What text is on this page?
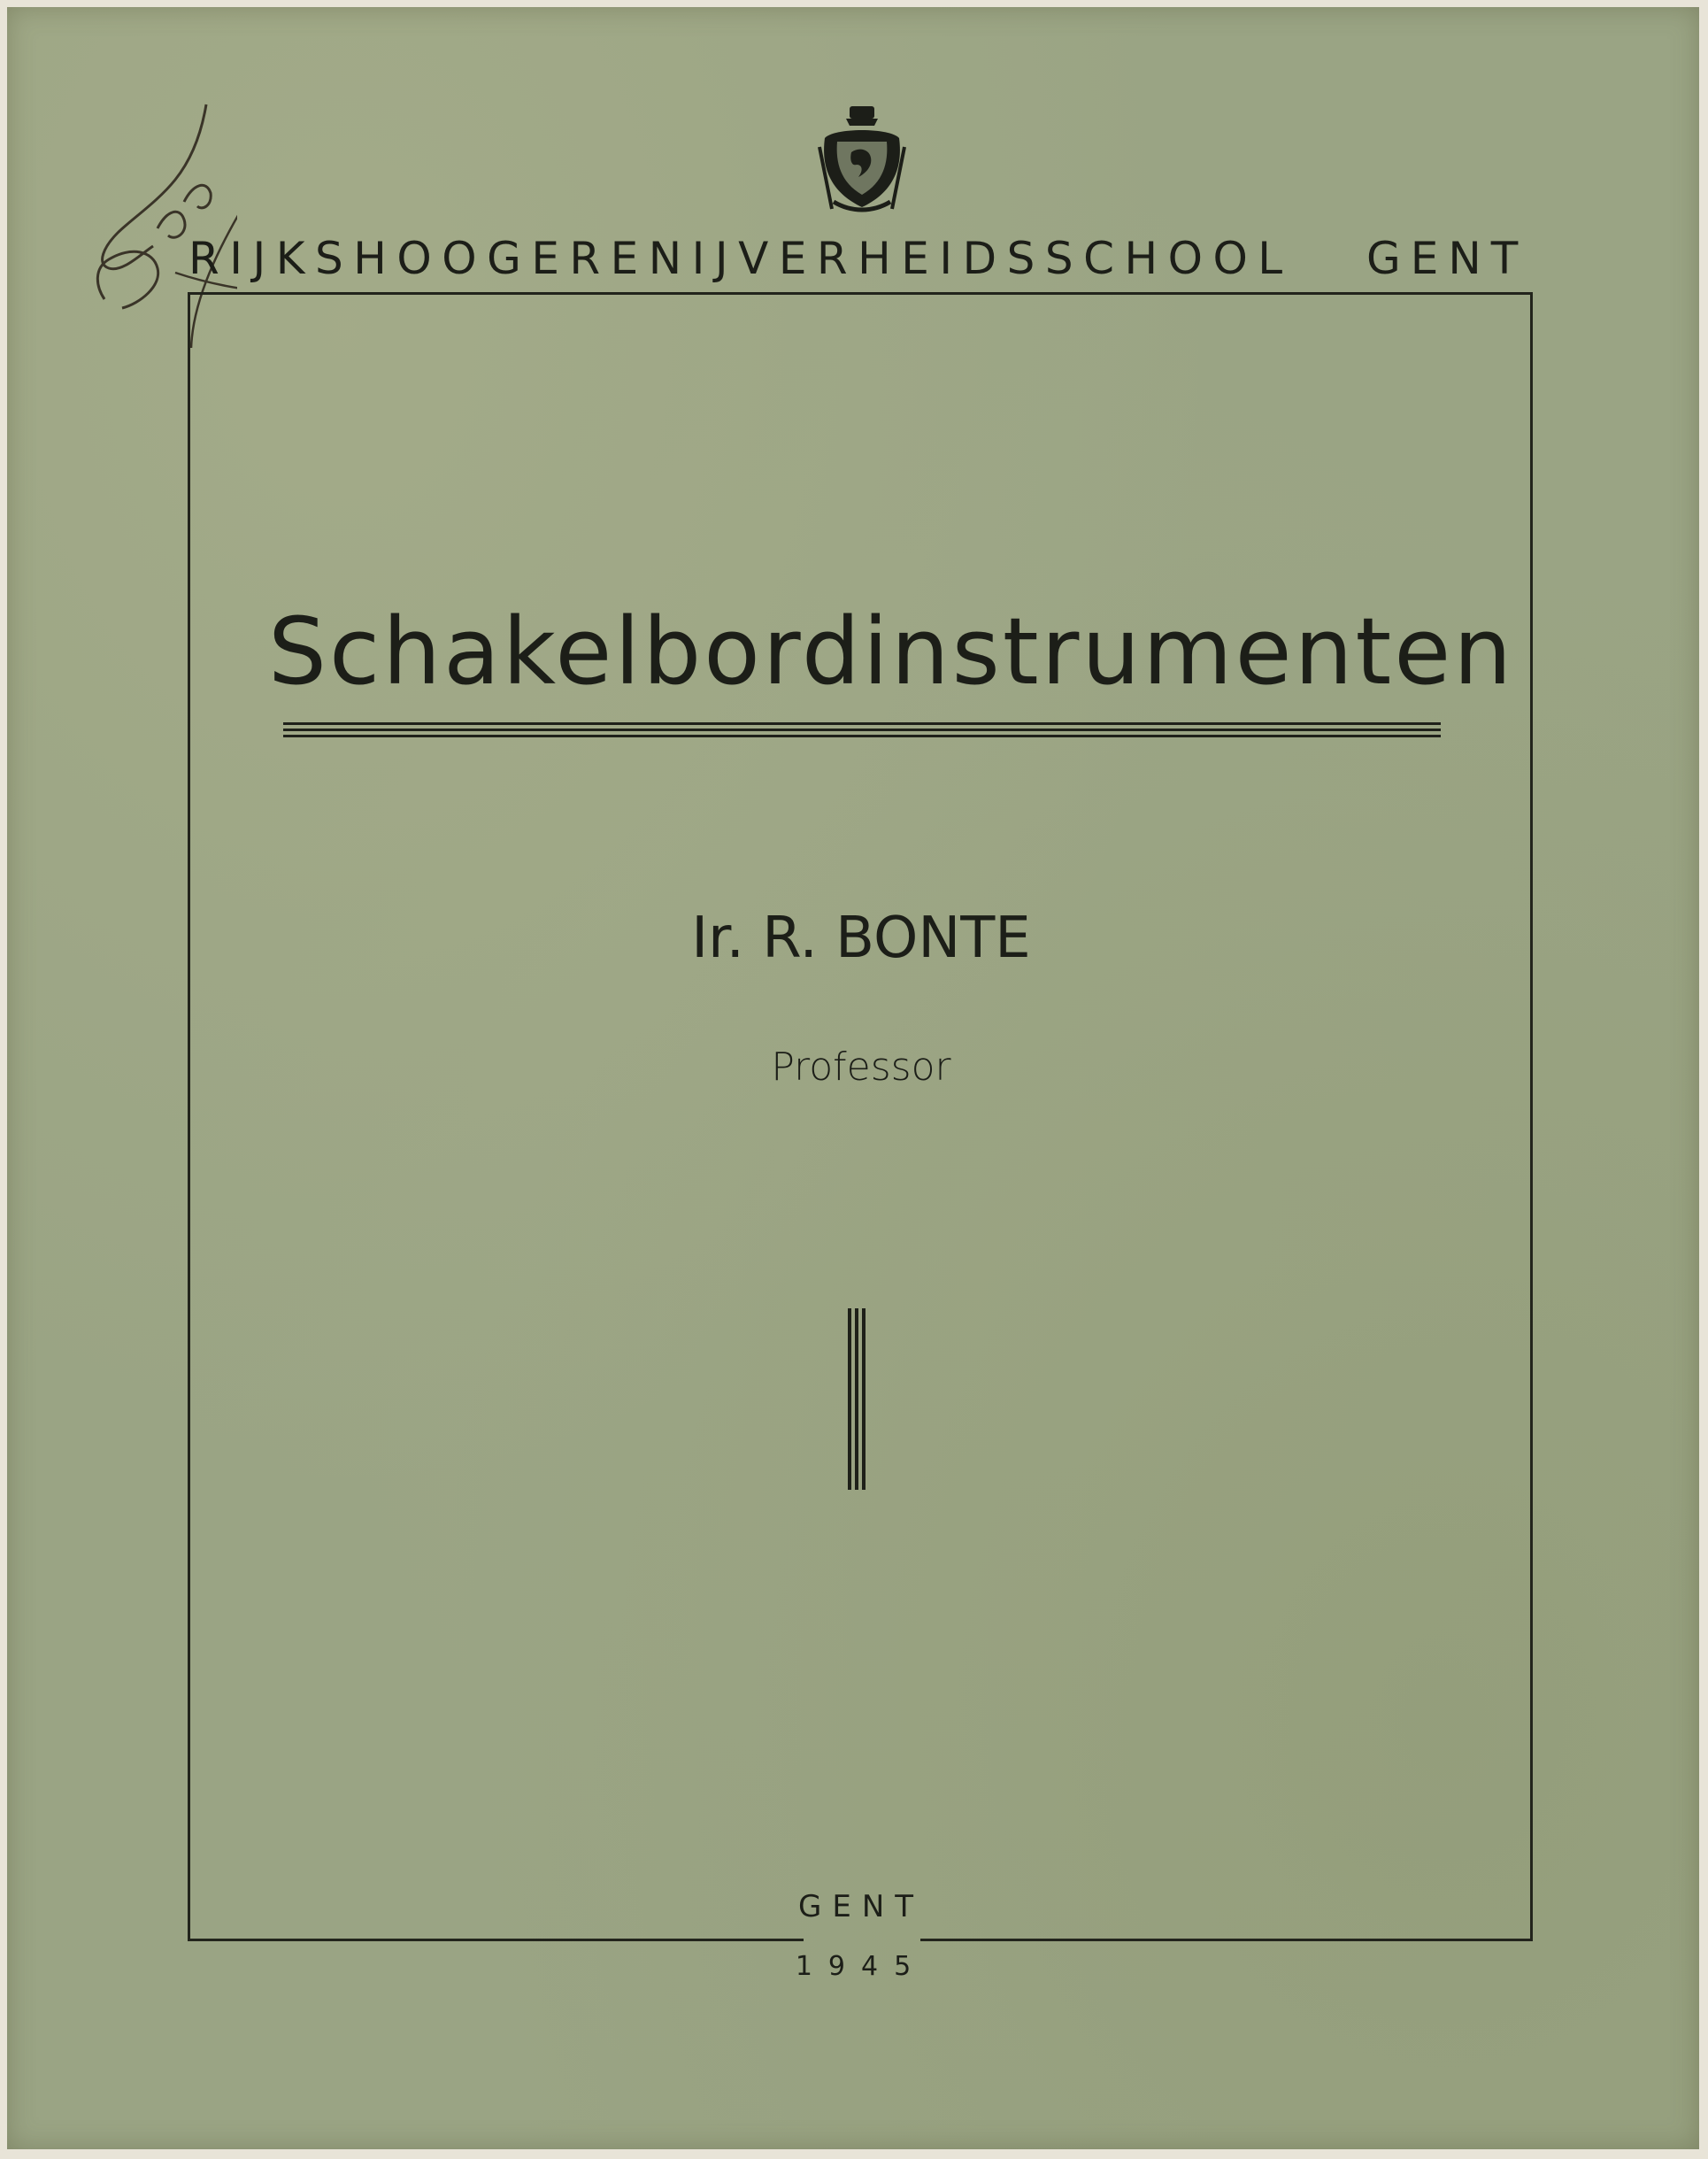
RIJKSHOOGERENIJVERHEIDSSCHOOL	GENT
Schakelbordinstrumenten
Ir. R. BONTE
Professor
GENT
1945
